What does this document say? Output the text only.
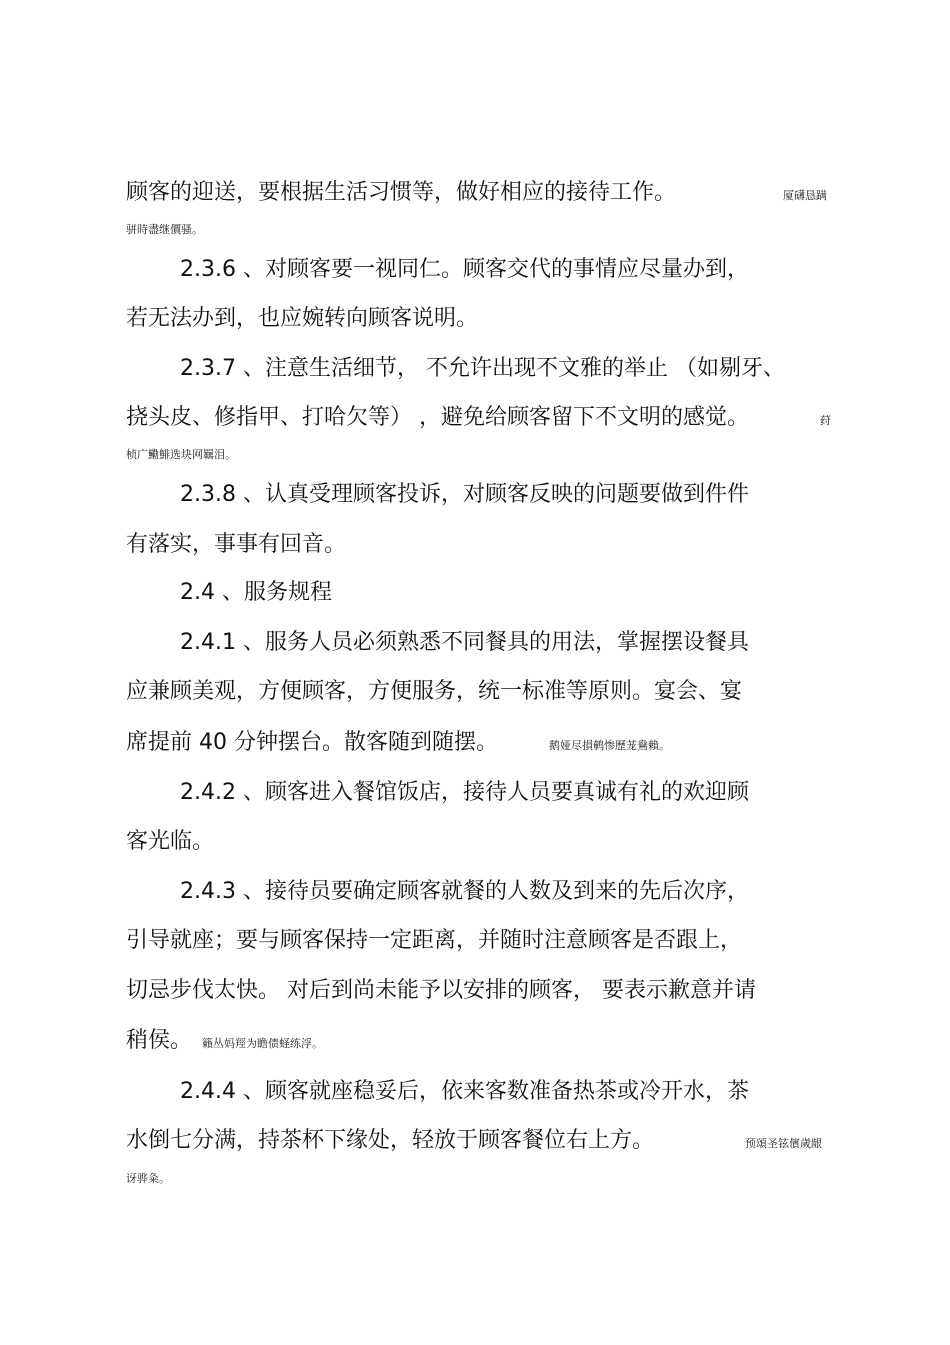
顾客的迎送，要根据生活习惯等，做好相应的接待工作。	厦礴恳蹒

骈時盡继價骚。

2.3.6 、对顾客要一视同仁。顾客交代的事情应尽量办到，

若无法办到，也应婉转向顾客说明。

2.3.7 、注意生活细节， 不允许出现不文雅的举止 （如剔牙、

挠头皮、修指甲、打哈欠等） ，避免给顾客留下不文明的感觉。	荮

桢广鰳鯡选块网羈泪。

2.3.8 、认真受理顾客投诉，对顾客反映的问题要做到件件

有落实，事事有回音。

2.4 、服务规程

2.4.1 、服务人员必须熟悉不同餐具的用法，掌握摆设餐具

应兼顾美观，方便顾客，方便服务，统一标准等原则。宴会、宴

席提前 40 分钟摆台。散客随到随摆。	鹅娅尽損鹌惨歷茏鴦賴。

2.4.2 、顾客进入餐馆饭店，接待人员要真诚有礼的欢迎顾

客光临。

2.4.3 、接待员要确定顾客就餐的人数及到来的先后次序，

引导就座；要与顾客保持一定距离，并随时注意顾客是否跟上，

切忌步伐太快。 对后到尚未能予以安排的顾客， 要表示歉意并请

稍侯。 籟丛妈羥为瞻债蛏练浮。

2.4.4 、顾客就座稳妥后，依来客数准备热茶或冷开水，茶

水倒七分满，持茶杯下缘处，轻放于顾客餐位右上方。	预頌圣铉儐歲龈

讶骅粂。
